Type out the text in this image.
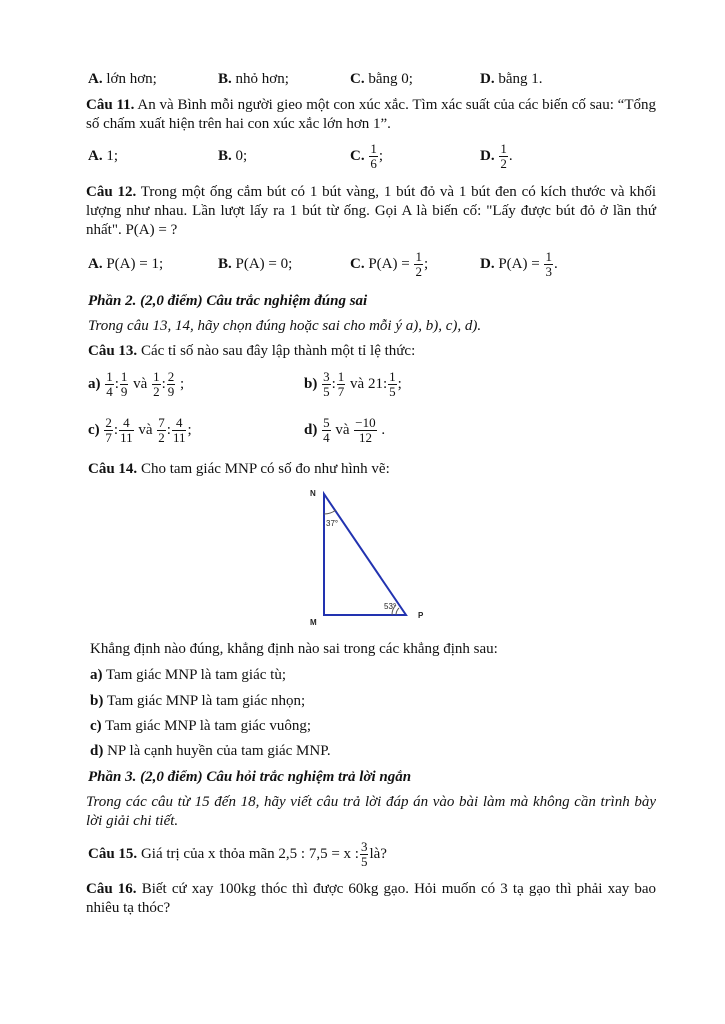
A. lớn hơn;	B. nhỏ hơn;	C. bằng 0;	D. bằng 1.
Câu 11. An và Bình mỗi người gieo một con xúc xắc. Tìm xác suất của các biến cố sau: “Tổng số chấm xuất hiện trên hai con xúc xắc lớn hơn 1”.
A. 1;	B. 0;	C. $\frac{1}{6}$ ;	D. $\frac{1}{2}$ .
Câu 12. Trong một ống cắm bút có 1 bút vàng, 1 bút đỏ và 1 bút đen có kích thước và khối lượng như nhau. Lần lượt lấy ra 1 bút từ ống. Gọi A là biến cố: "Lấy được bút đỏ ở lần thứ nhất". P(A) = ?
A. P(A) = 1;	B. P(A) = 0;	C. $P(A) = \frac{1}{2}$ ;	D. $P(A) = \frac{1}{3}$ .
Phần 2. (2,0 điểm) Câu trắc nghiệm đúng sai
Trong câu 13, 14, hãy chọn đúng hoặc sai cho mỗi ý a), b), c), d).
Câu 13. Các tỉ số nào sau đây lập thành một tỉ lệ thức:
$a) \frac{1}{4}$ : $\frac{1}{9}$ và $\frac{1}{2}$ : $\frac{2}{9}$ ;	$b) \frac{3}{5}$ : $\frac{1}{7}$ và 21: $\frac{1}{5}$ ;
$c) \frac{2}{7}$ : $\frac{4}{11}$ và $\frac{7}{2}$ : $\frac{4}{11}$ ;	$d) \frac{5}{4}$ và $\frac{-10}{12}$ .
Câu 14. Cho tam giác MNP có số đo như hình vẽ:
N
M
P
37°
53°
Khẳng định nào đúng, khẳng định nào sai trong các khẳng định sau:
a) Tam giác MNP là tam giác tù;
b) Tam giác MNP là tam giác nhọn;
c) Tam giác MNP là tam giác vuông;
d) NP là cạnh huyền của tam giác MNP.
Phần 3. (2,0 điểm) Câu hỏi trắc nghiệm trả lời ngắn
Trong các câu từ 15 đến 18, hãy viết câu trả lời đáp án vào bài làm mà không cần trình bày lời giải chi tiết.
Câu 15. Giá trị của x thỏa mãn 2,5 : 7,5 = x : $\frac{3}{5}$ là?
Câu 16. Biết cứ xay 100kg thóc thì được 60kg gạo. Hỏi muốn có 3 tạ gạo thì phải xay bao nhiêu tạ thóc?
